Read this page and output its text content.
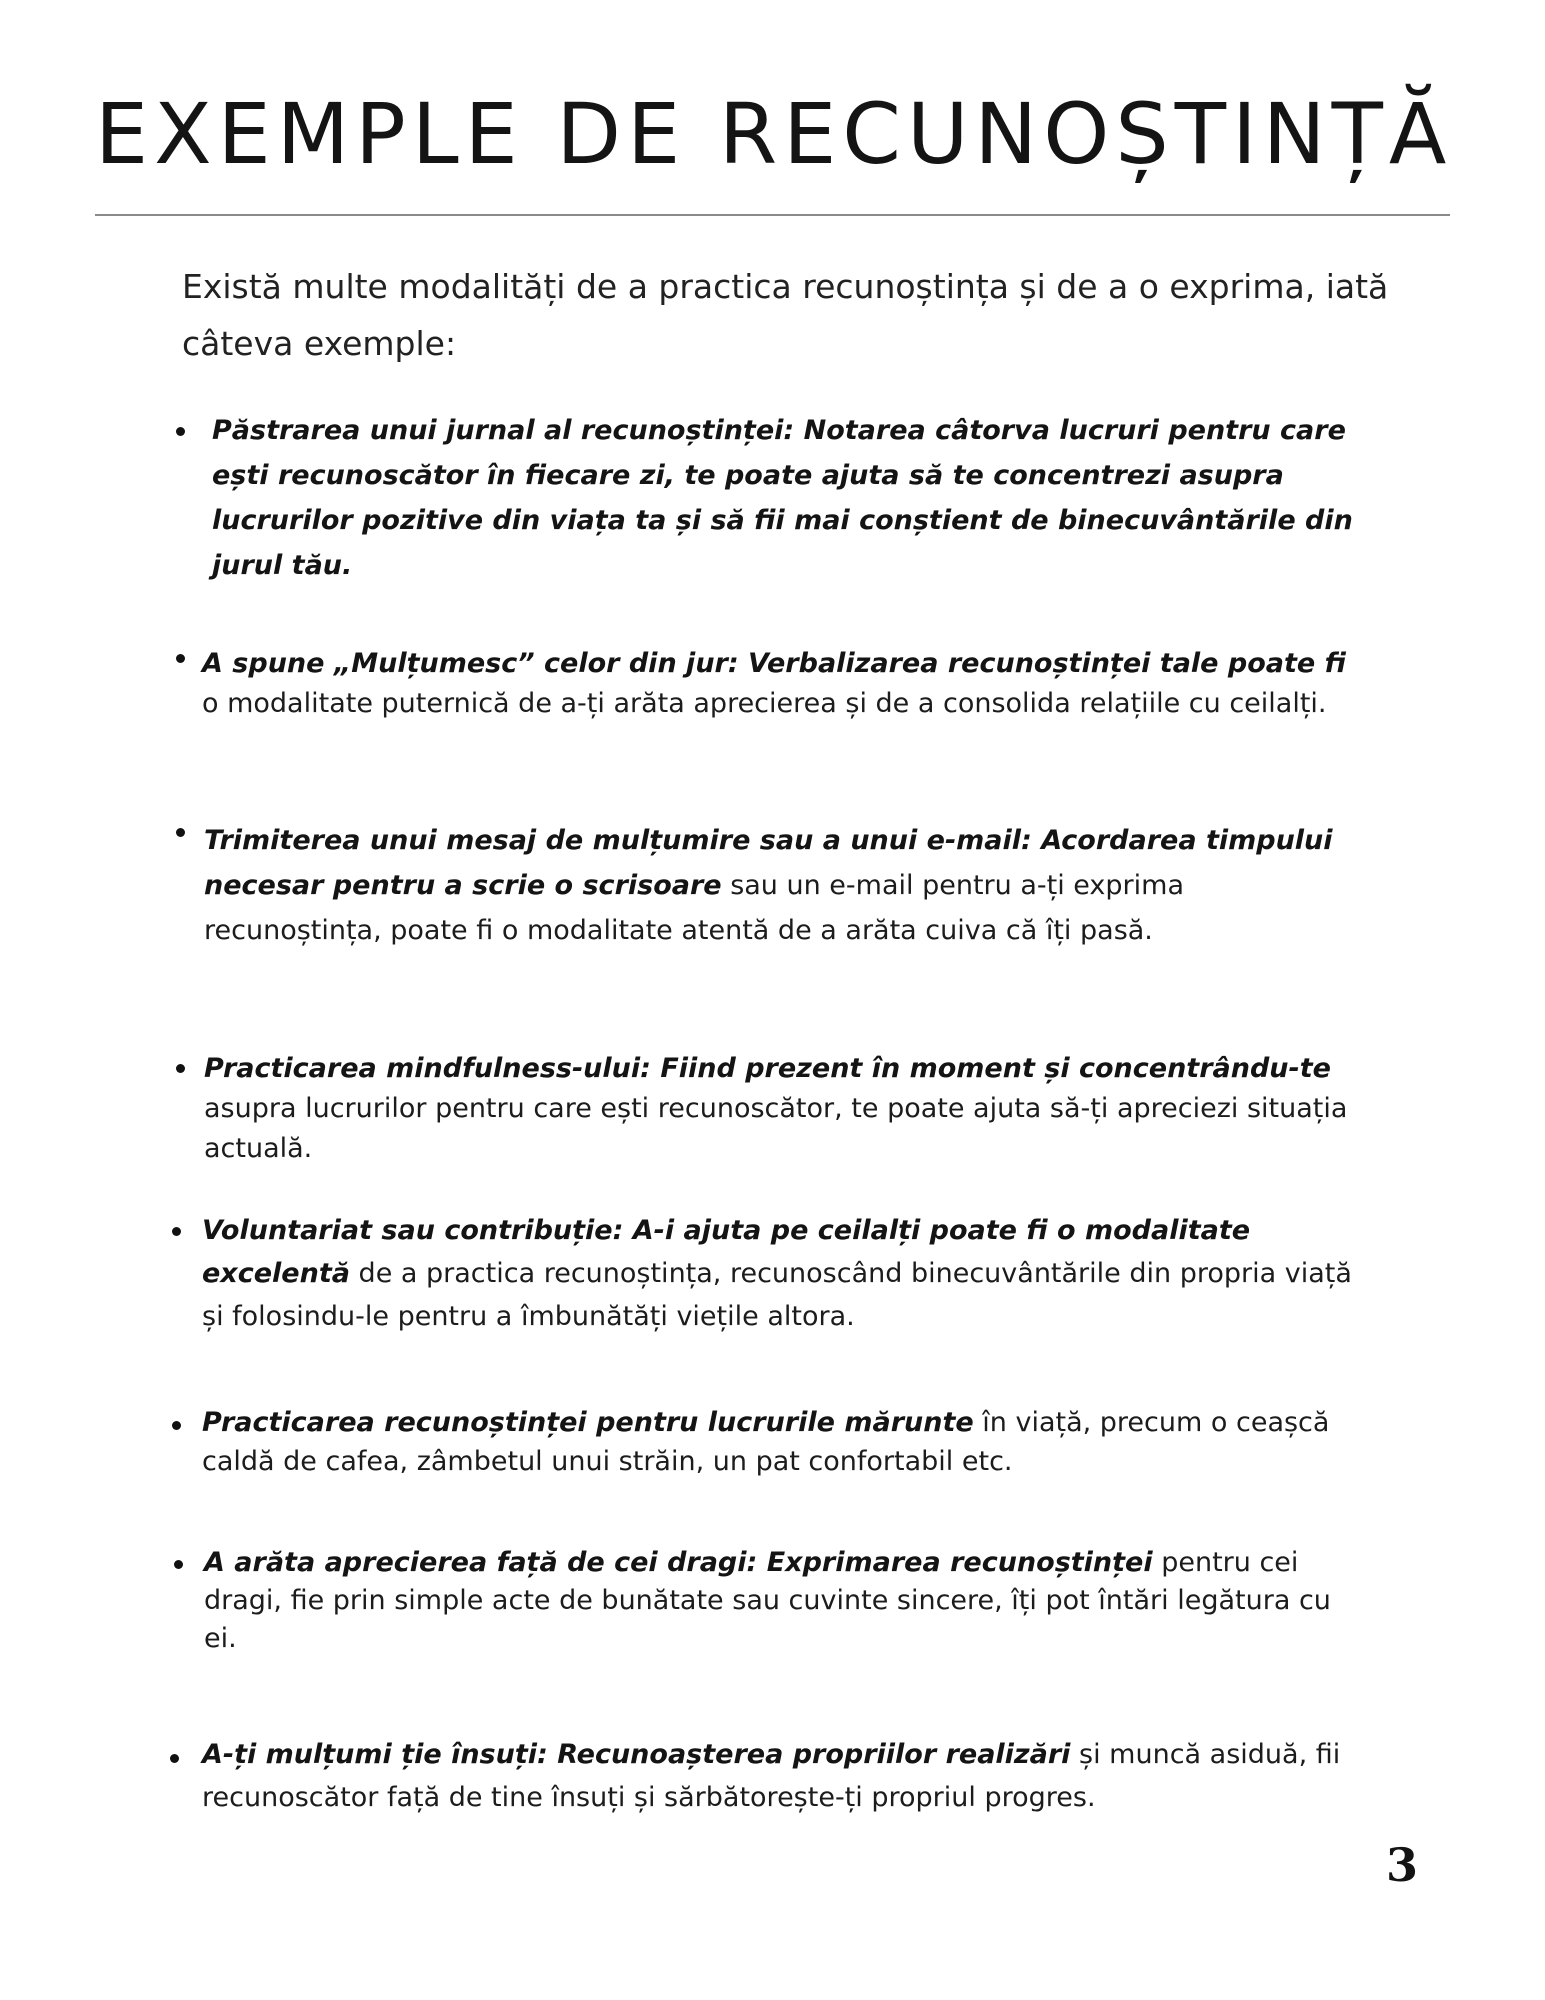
EXEMPLE DE RECUNOȘTINȚĂ

Există multe modalități de a practica recunoștința și de a o exprima, iată câteva exemple:

Păstrarea unui jurnal al recunoștinței: Notarea câtorva lucruri pentru care ești recunoscător în fiecare zi, te poate ajuta să te concentrezi asupra lucrurilor pozitive din viața ta și să fii mai conștient de binecuvântările din jurul tău.

A spune „Mulțumesc” celor din jur: Verbalizarea recunoștinței tale poate fi o modalitate puternică de a-ți arăta aprecierea și de a consolida relațiile cu ceilalți.

Trimiterea unui mesaj de mulțumire sau a unui e-mail: Acordarea timpului necesar pentru a scrie o scrisoare sau un e-mail pentru a-ți exprima recunoștința, poate fi o modalitate atentă de a arăta cuiva că îți pasă.

Practicarea mindfulness-ului: Fiind prezent în moment și concentrându-te asupra lucrurilor pentru care ești recunoscător, te poate ajuta să-ți apreciezi situația actuală.

Voluntariat sau contribuție: A-i ajuta pe ceilalți poate fi o modalitate excelentă de a practica recunoștința, recunoscând binecuvântările din propria viață și folosindu-le pentru a îmbunătăți viețile altora.

Practicarea recunoștinței pentru lucrurile mărunte în viață, precum o ceașcă caldă de cafea, zâmbetul unui străin, un pat confortabil etc.

A arăta aprecierea față de cei dragi: Exprimarea recunoștinței pentru cei dragi, fie prin simple acte de bunătate sau cuvinte sincere, îți pot întări legătura cu ei.

A-ți mulțumi ție însuți: Recunoașterea propriilor realizări și muncă asiduă, fii recunoscător față de tine însuți și sărbătorește-ți propriul progres.

3
